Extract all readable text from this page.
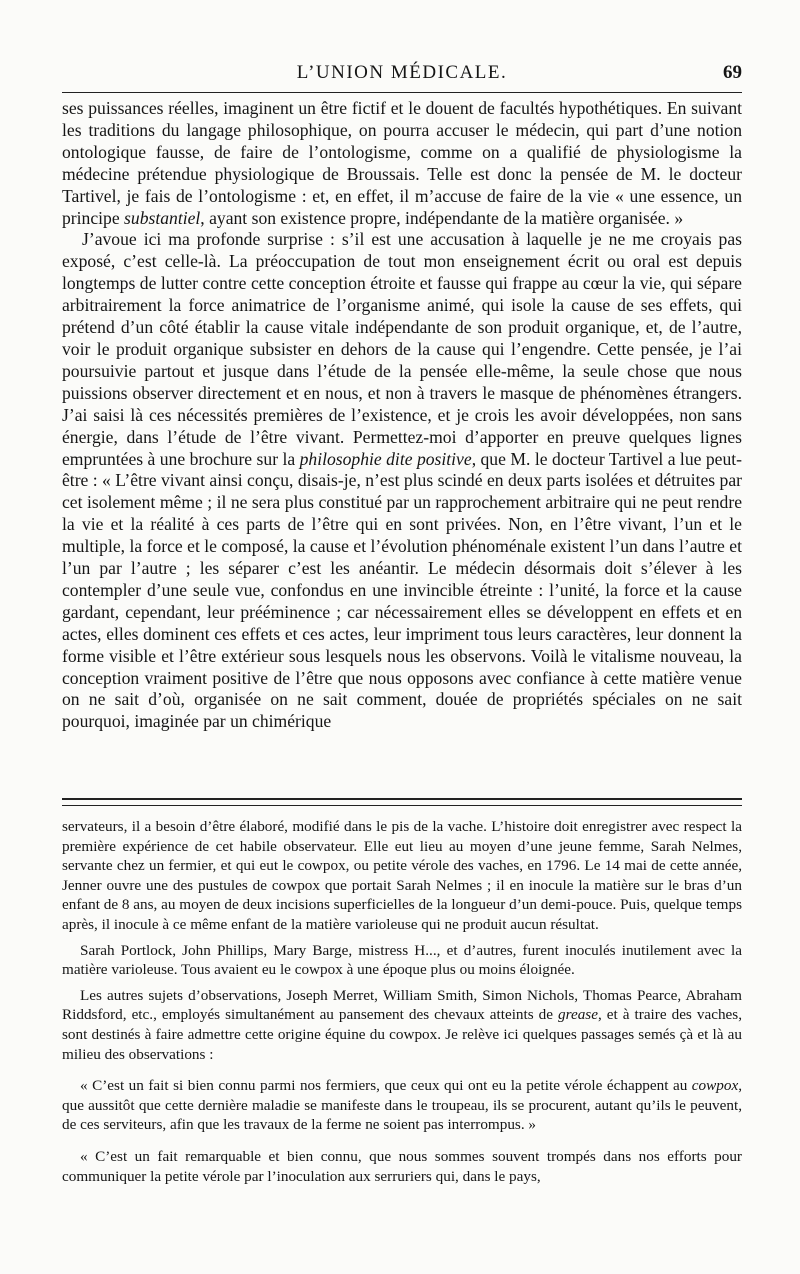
L’UNION MÉDICALE.	69

ses puissances réelles, imaginent un être fictif et le douent de facultés hypothétiques. En suivant les traditions du langage philosophique, on pourra accuser le médecin, qui part d’une notion ontologique fausse, de faire de l’ontologisme, comme on a qualifié de physiologisme la médecine prétendue physiologique de Broussais. Telle est donc la pensée de M. le docteur Tartivel, je fais de l’ontologisme : et, en effet, il m’accuse de faire de la vie « une essence, un principe substantiel, ayant son existence propre, indépendante de la matière organisée. »

J’avoue ici ma profonde surprise : s’il est une accusation à laquelle je ne me croyais pas exposé, c’est celle-là. La préoccupation de tout mon enseignement écrit ou oral est depuis longtemps de lutter contre cette conception étroite et fausse qui frappe au cœur la vie, qui sépare arbitrairement la force animatrice de l’organisme animé, qui isole la cause de ses effets, qui prétend d’un côté établir la cause vitale indépendante de son produit organique, et, de l’autre, voir le produit organique subsister en dehors de la cause qui l’engendre. Cette pensée, je l’ai poursuivie partout et jusque dans l’étude de la pensée elle-même, la seule chose que nous puissions observer directement et en nous, et non à travers le masque de phénomènes étrangers. J’ai saisi là ces nécessités premières de l’existence, et je crois les avoir développées, non sans énergie, dans l’étude de l’être vivant. Permettez-moi d’apporter en preuve quelques lignes empruntées à une brochure sur la philosophie dite positive, que M. le docteur Tartivel a lue peut-être : « L’être vivant ainsi conçu, disais-je, n’est plus scindé en deux parts isolées et détruites par cet isolement même ; il ne sera plus constitué par un rapprochement arbitraire qui ne peut rendre la vie et la réalité à ces parts de l’être qui en sont privées. Non, en l’être vivant, l’un et le multiple, la force et le composé, la cause et l’évolution phénoménale existent l’un dans l’autre et l’un par l’autre ; les séparer c’est les anéantir. Le médecin désormais doit s’élever à les contempler d’une seule vue, confondus en une invincible étreinte : l’unité, la force et la cause gardant, cependant, leur prééminence ; car nécessairement elles se développent en effets et en actes, elles dominent ces effets et ces actes, leur impriment tous leurs caractères, leur donnent la forme visible et l’être extérieur sous lesquels nous les observons. Voilà le vitalisme nouveau, la conception vraiment positive de l’être que nous opposons avec confiance à cette matière venue on ne sait d’où, organisée on ne sait comment, douée de propriétés spéciales on ne sait pourquoi, imaginée par un chimérique

servateurs, il a besoin d’être élaboré, modifié dans le pis de la vache. L’histoire doit enregistrer avec respect la première expérience de cet habile observateur. Elle eut lieu au moyen d’une jeune femme, Sarah Nelmes, servante chez un fermier, et qui eut le cowpox, ou petite vérole des vaches, en 1796. Le 14 mai de cette année, Jenner ouvre une des pustules de cowpox que portait Sarah Nelmes ; il en inocule la matière sur le bras d’un enfant de 8 ans, au moyen de deux incisions superficielles de la longueur d’un demi-pouce. Puis, quelque temps après, il inocule à ce même enfant de la matière varioleuse qui ne produit aucun résultat.

Sarah Portlock, John Phillips, Mary Barge, mistress H..., et d’autres, furent inoculés inutilement avec la matière varioleuse. Tous avaient eu le cowpox à une époque plus ou moins éloignée.

Les autres sujets d’observations, Joseph Merret, William Smith, Simon Nichols, Thomas Pearce, Abraham Riddsford, etc., employés simultanément au pansement des chevaux atteints de grease, et à traire des vaches, sont destinés à faire admettre cette origine équine du cowpox. Je relève ici quelques passages semés çà et là au milieu des observations :

« C’est un fait si bien connu parmi nos fermiers, que ceux qui ont eu la petite vérole échappent au cowpox, que aussitôt que cette dernière maladie se manifeste dans le troupeau, ils se procurent, autant qu’ils le peuvent, de ces serviteurs, afin que les travaux de la ferme ne soient pas interrompus. »

« C’est un fait remarquable et bien connu, que nous sommes souvent trompés dans nos efforts pour communiquer la petite vérole par l’inoculation aux serruriers qui, dans le pays,
